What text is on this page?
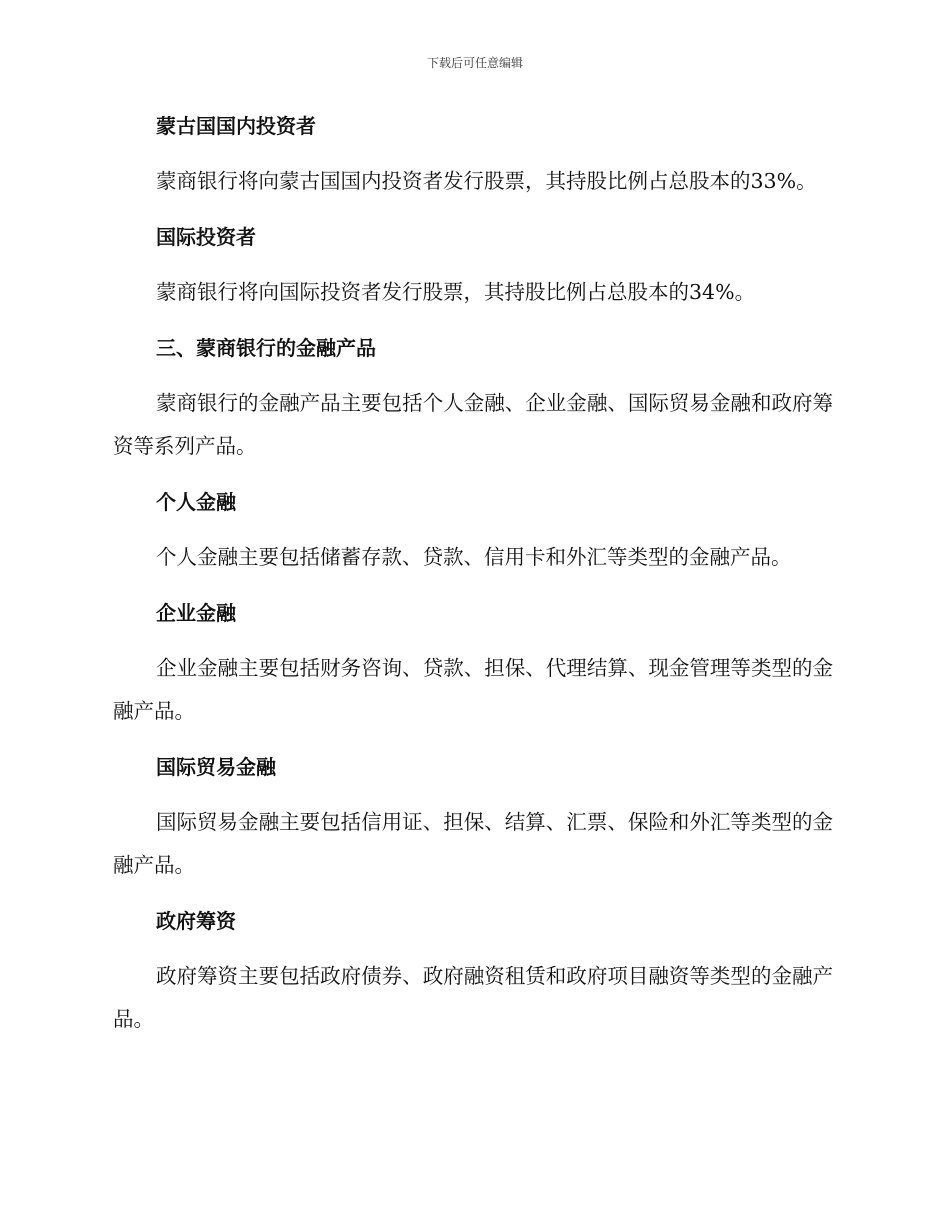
下载后可任意编辑
蒙古国国内投资者

蒙商银行将向蒙古国国内投资者发行股票，其持股比例占总股本的33%。

国际投资者

蒙商银行将向国际投资者发行股票，其持股比例占总股本的34%。

三、蒙商银行的金融产品

蒙商银行的金融产品主要包括个人金融、企业金融、国际贸易金融和政府筹资等系列产品。

个人金融

个人金融主要包括储蓄存款、贷款、信用卡和外汇等类型的金融产品。

企业金融

企业金融主要包括财务咨询、贷款、担保、代理结算、现金管理等类型的金融产品。

国际贸易金融

国际贸易金融主要包括信用证、担保、结算、汇票、保险和外汇等类型的金融产品。

政府筹资

政府筹资主要包括政府债券、政府融资租赁和政府项目融资等类型的金融产品。
